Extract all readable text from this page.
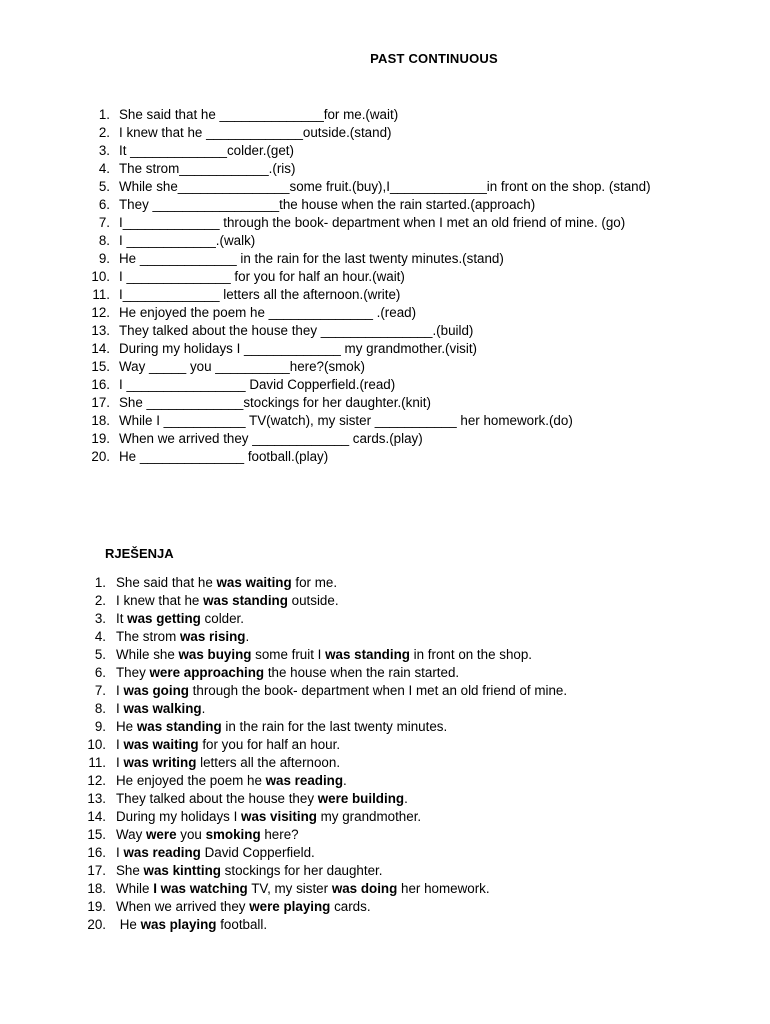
PAST CONTINUOUS
1. She said that he ______________for me.(wait)
2. I knew that he _____________outside.(stand)
3. It _____________colder.(get)
4. The strom____________.(ris)
5. While she_______________some fruit.(buy),I_____________in front on the shop. (stand)
6. They _________________the house when the rain started.(approach)
7. I_____________ through the book- department when I met an old friend of mine. (go)
8. I ____________.(walk)
9. He _____________ in the rain for the last twenty minutes.(stand)
10. I ______________ for you for half an hour.(wait)
11. I_____________ letters all the afternoon.(write)
12. He enjoyed the poem he ______________ .(read)
13. They talked about the house they _______________.(build)
14. During my holidays I _____________ my grandmother.(visit)
15. Way _____ you __________here?(smok)
16. I ________________ David Copperfield.(read)
17. She _____________stockings for her daughter.(knit)
18. While I ___________ TV(watch), my sister ___________ her homework.(do)
19. When we arrived they _____________ cards.(play)
20. He ______________ football.(play)
RJEŠENJA
1. She said that he was waiting for me.
2. I knew that he was standing outside.
3. It was getting colder.
4. The strom was rising.
5. While she was buying some fruit I was standing in front on the shop.
6. They were approaching the house when the rain started.
7. I was going through the book- department when I met an old friend of mine.
8. I was walking.
9. He was standing in the rain for the last twenty minutes.
10. I was waiting for you for half an hour.
11. I was writing letters all the afternoon.
12. He enjoyed the poem he was reading.
13. They talked about the house they were building.
14. During my holidays I was visiting my grandmother.
15. Way were you smoking here?
16. I was reading David Copperfield.
17. She was kintting stockings for her daughter.
18. While I was watching TV, my sister was doing her homework.
19. When we arrived they were playing cards.
20. He was playing football.
